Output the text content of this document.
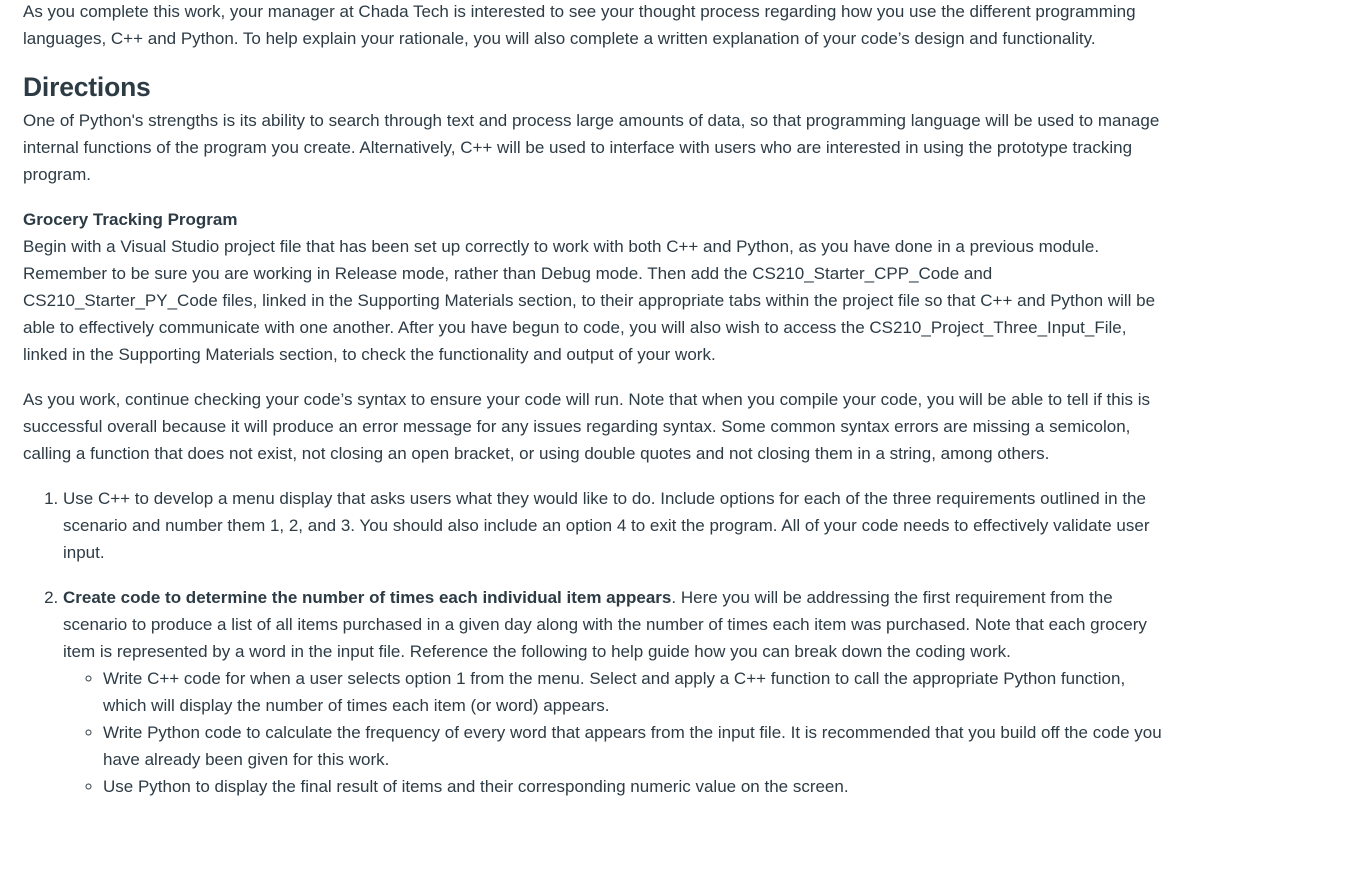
As you complete this work, your manager at Chada Tech is interested to see your thought process regarding how you use the different programming languages, C++ and Python. To help explain your rationale, you will also complete a written explanation of your code’s design and functionality.

Directions

One of Python's strengths is its ability to search through text and process large amounts of data, so that programming language will be used to manage internal functions of the program you create. Alternatively, C++ will be used to interface with users who are interested in using the prototype tracking program.

Grocery Tracking Program

Begin with a Visual Studio project file that has been set up correctly to work with both C++ and Python, as you have done in a previous module. Remember to be sure you are working in Release mode, rather than Debug mode. Then add the CS210_Starter_CPP_Code and CS210_Starter_PY_Code files, linked in the Supporting Materials section, to their appropriate tabs within the project file so that C++ and Python will be able to effectively communicate with one another. After you have begun to code, you will also wish to access the CS210_Project_Three_Input_File, linked in the Supporting Materials section, to check the functionality and output of your work.

As you work, continue checking your code’s syntax to ensure your code will run. Note that when you compile your code, you will be able to tell if this is successful overall because it will produce an error message for any issues regarding syntax. Some common syntax errors are missing a semicolon, calling a function that does not exist, not closing an open bracket, or using double quotes and not closing them in a string, among others.

1. Use C++ to develop a menu display that asks users what they would like to do. Include options for each of the three requirements outlined in the scenario and number them 1, 2, and 3. You should also include an option 4 to exit the program. All of your code needs to effectively validate user input.
2. Create code to determine the number of times each individual item appears. Here you will be addressing the first requirement from the scenario to produce a list of all items purchased in a given day along with the number of times each item was purchased. Note that each grocery item is represented by a word in the input file. Reference the following to help guide how you can break down the coding work.
◦ Write C++ code for when a user selects option 1 from the menu. Select and apply a C++ function to call the appropriate Python function, which will display the number of times each item (or word) appears.
◦ Write Python code to calculate the frequency of every word that appears from the input file. It is recommended that you build off the code you have already been given for this work.
◦ Use Python to display the final result of items and their corresponding numeric value on the screen.
